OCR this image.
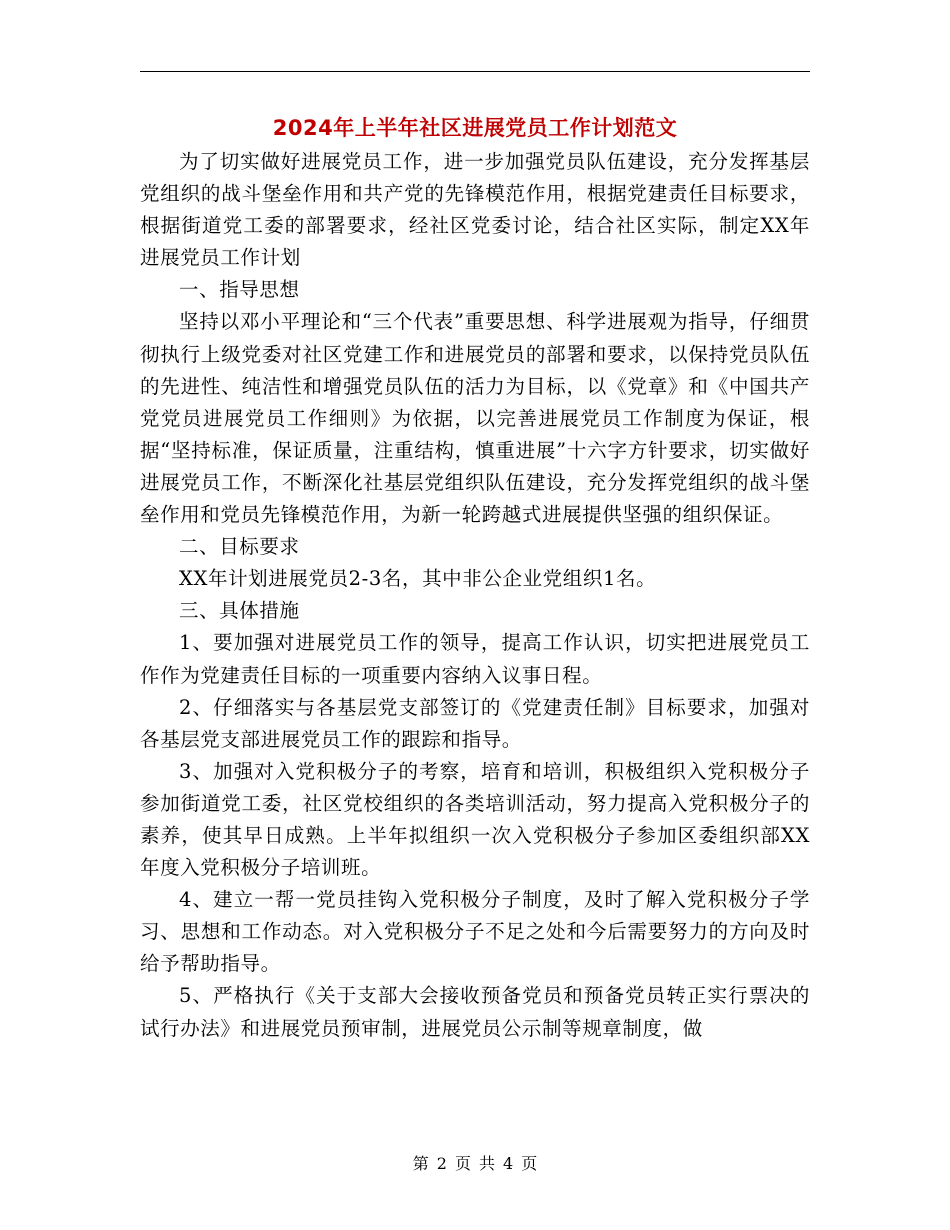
2024年上半年社区进展党员工作计划范文

为了切实做好进展党员工作，进一步加强党员队伍建设，充分发挥基层党组织的战斗堡垒作用和共产党的先锋模范作用，根据党建责任目标要求，根据街道党工委的部署要求，经社区党委讨论，结合社区实际，制定XX年进展党员工作计划

一、指导思想

坚持以邓小平理论和“三个代表”重要思想、科学进展观为指导，仔细贯彻执行上级党委对社区党建工作和进展党员的部署和要求，以保持党员队伍的先进性、纯洁性和增强党员队伍的活力为目标，以《党章》和《中国共产党党员进展党员工作细则》为依据，以完善进展党员工作制度为保证，根据“坚持标准，保证质量，注重结构，慎重进展”十六字方针要求，切实做好进展党员工作，不断深化社基层党组织队伍建设，充分发挥党组织的战斗堡垒作用和党员先锋模范作用，为新一轮跨越式进展提供坚强的组织保证。

二、目标要求

XX年计划进展党员2-3名，其中非公企业党组织1名。

三、具体措施

1、要加强对进展党员工作的领导，提高工作认识，切实把进展党员工作作为党建责任目标的一项重要内容纳入议事日程。

2、仔细落实与各基层党支部签订的《党建责任制》目标要求，加强对各基层党支部进展党员工作的跟踪和指导。

3、加强对入党积极分子的考察，培育和培训，积极组织入党积极分子参加街道党工委，社区党校组织的各类培训活动，努力提高入党积极分子的素养，使其早日成熟。上半年拟组织一次入党积极分子参加区委组织部XX年度入党积极分子培训班。

4、建立一帮一党员挂钩入党积极分子制度，及时了解入党积极分子学习、思想和工作动态。对入党积极分子不足之处和今后需要努力的方向及时给予帮助指导。

5、严格执行《关于支部大会接收预备党员和预备党员转正实行票决的试行办法》和进展党员预审制，进展党员公示制等规章制度，做

第 2 页 共 4 页
